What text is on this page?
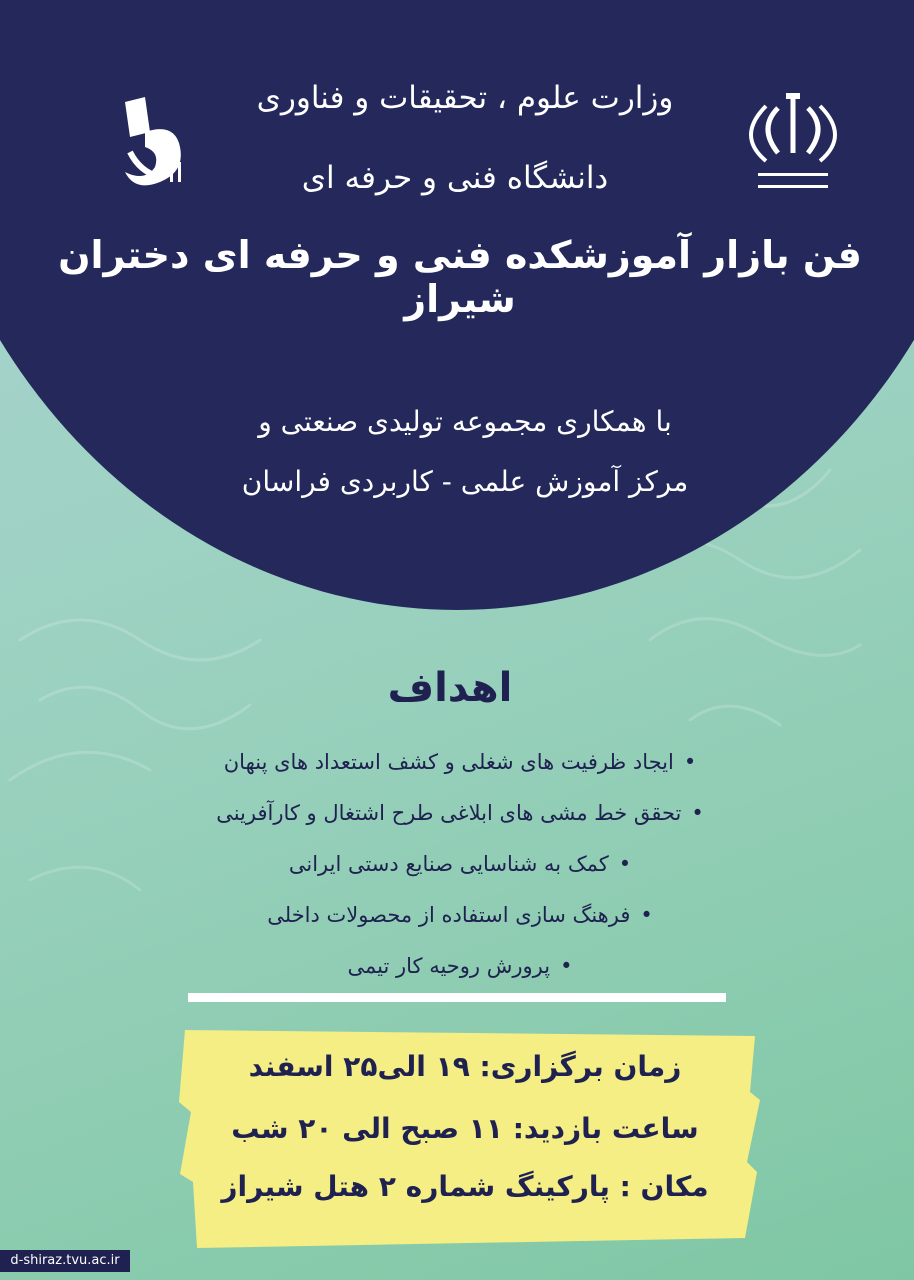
وزارت علوم ، تحقیقات و فناوری
دانشگاه فنی و حرفه ای
فن بازار آموزشکده فنی و حرفه ای دختران شیراز
با همکاری مجموعه تولیدی صنعتی و
مرکز آموزش علمی - کاربردی فراسان
اهداف
•ایجاد ظرفیت های شغلی و کشف استعداد های پنهان
•تحقق خط مشی های ابلاغی طرح اشتغال و کارآفرینی
•کمک به شناسایی صنایع دستی ایرانی
•فرهنگ سازی استفاده از محصولات داخلی
•پرورش روحیه کار تیمی
زمان برگزاری: ۱۹ الی۲۵ اسفند
ساعت بازدید: ۱۱ صبح الی ۲۰ شب
مکان : پارکینگ شماره ۲ هتل شیراز
d-shiraz.tvu.ac.ir
